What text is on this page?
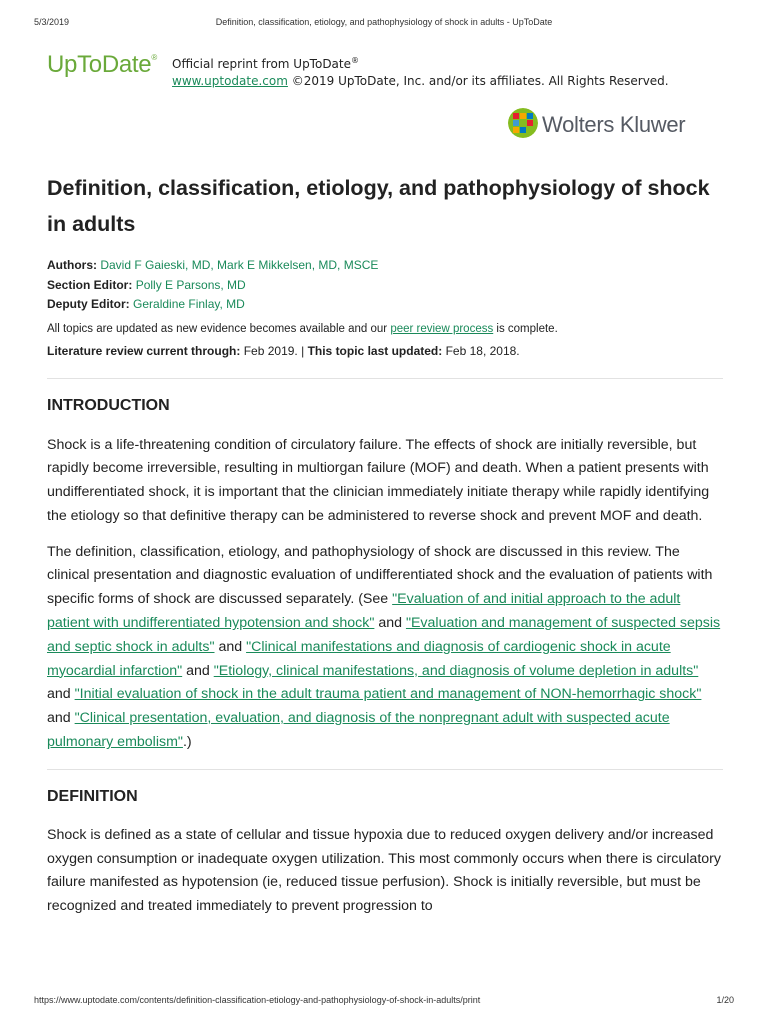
5/3/2019	Definition, classification, etiology, and pathophysiology of shock in adults - UpToDate
UpToDate® Official reprint from UpToDate®
www.uptodate.com ©2019 UpToDate, Inc. and/or its affiliates. All Rights Reserved.
Wolters Kluwer
Definition, classification, etiology, and pathophysiology of shock in adults
Authors: David F Gaieski, MD, Mark E Mikkelsen, MD, MSCE
Section Editor: Polly E Parsons, MD
Deputy Editor: Geraldine Finlay, MD
All topics are updated as new evidence becomes available and our peer review process is complete.
Literature review current through: Feb 2019. | This topic last updated: Feb 18, 2018.
INTRODUCTION

Shock is a life-threatening condition of circulatory failure. The effects of shock are initially reversible, but rapidly become irreversible, resulting in multiorgan failure (MOF) and death. When a patient presents with undifferentiated shock, it is important that the clinician immediately initiate therapy while rapidly identifying the etiology so that definitive therapy can be administered to reverse shock and prevent MOF and death.

The definition, classification, etiology, and pathophysiology of shock are discussed in this review. The clinical presentation and diagnostic evaluation of undifferentiated shock and the evaluation of patients with specific forms of shock are discussed separately. (See "Evaluation of and initial approach to the adult patient with undifferentiated hypotension and shock" and "Evaluation and management of suspected sepsis and septic shock in adults" and "Clinical manifestations and diagnosis of cardiogenic shock in acute myocardial infarction" and "Etiology, clinical manifestations, and diagnosis of volume depletion in adults" and "Initial evaluation of shock in the adult trauma patient and management of NON-hemorrhagic shock" and "Clinical presentation, evaluation, and diagnosis of the nonpregnant adult with suspected acute pulmonary embolism".)

DEFINITION

Shock is defined as a state of cellular and tissue hypoxia due to reduced oxygen delivery and/or increased oxygen consumption or inadequate oxygen utilization. This most commonly occurs when there is circulatory failure manifested as hypotension (ie, reduced tissue perfusion). Shock is initially reversible, but must be recognized and treated immediately to prevent progression to

https://www.uptodate.com/contents/definition-classification-etiology-and-pathophysiology-of-shock-in-adults/print	1/20
